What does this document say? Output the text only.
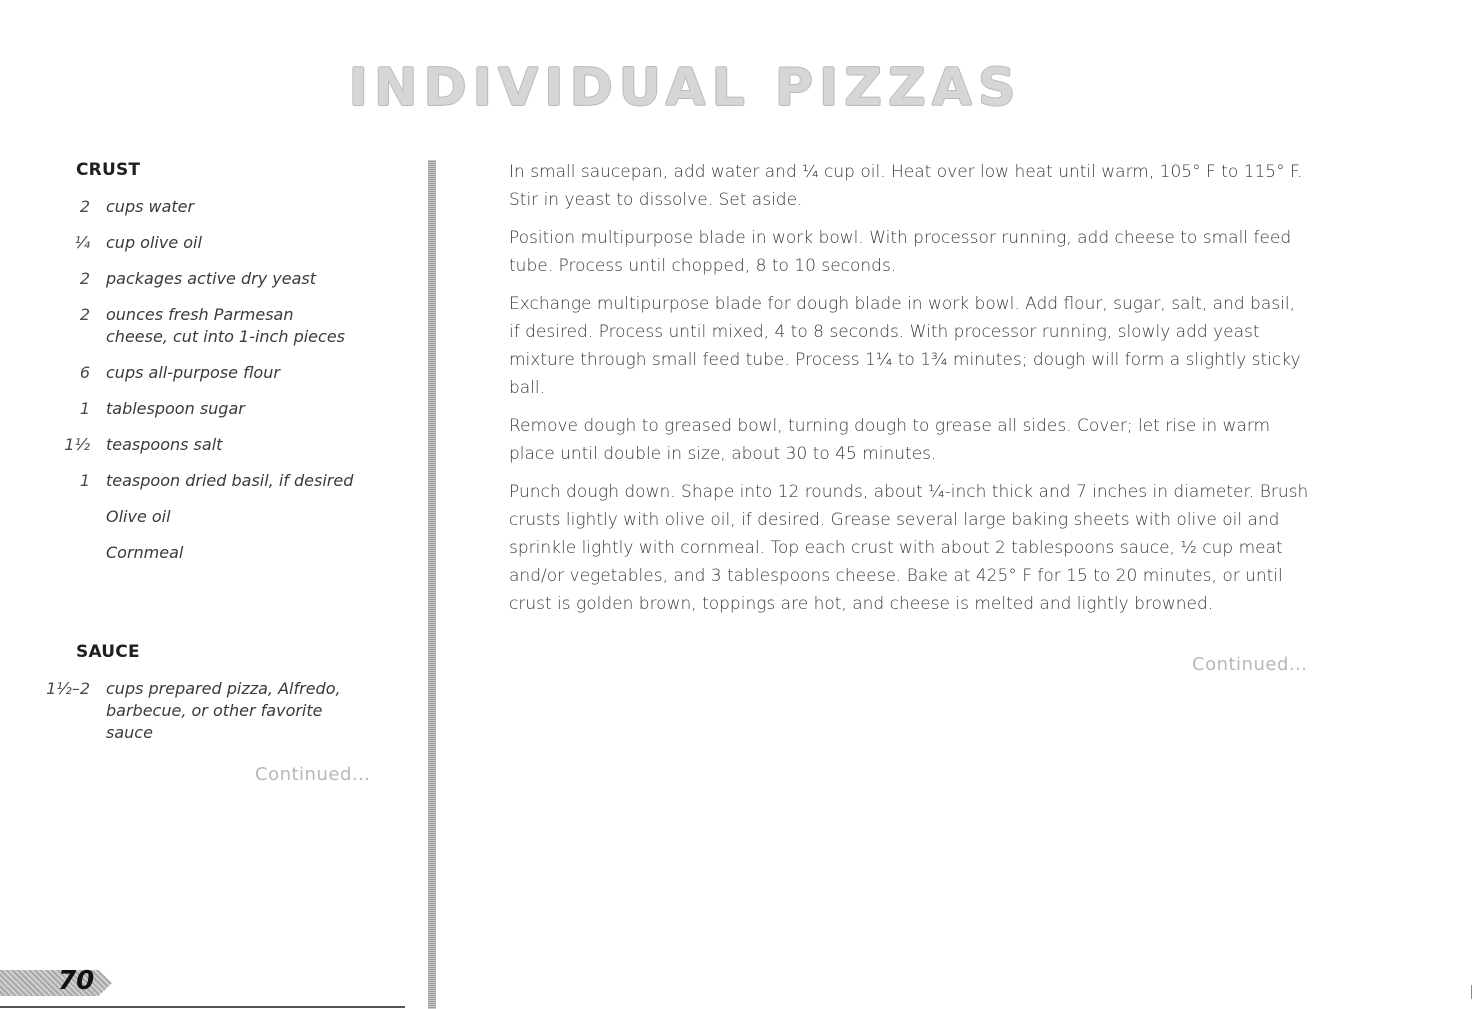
INDIVIDUAL PIZZAS
CRUST
2	cups water
¼	cup olive oil
2	packages active dry yeast
2	ounces fresh Parmesan cheese, cut into 1-inch pieces
6	cups all-purpose flour
1	tablespoon sugar
1½	teaspoons salt
1	teaspoon dried basil, if desired
Olive oil
Cornmeal
SAUCE
1½–2	cups prepared pizza, Alfredo, barbecue, or other favorite sauce
Continued...

In small saucepan, add water and ¼ cup oil. Heat over low heat until warm, 105° F to 115° F. Stir in yeast to dissolve. Set aside.

Position multipurpose blade in work bowl. With processor running, add cheese to small feed tube. Process until chopped, 8 to 10 seconds.

Exchange multipurpose blade for dough blade in work bowl. Add flour, sugar, salt, and basil, if desired. Process until mixed, 4 to 8 seconds. With processor running, slowly add yeast mixture through small feed tube. Process 1¼ to 1¾ minutes; dough will form a slightly sticky ball.

Remove dough to greased bowl, turning dough to grease all sides. Cover; let rise in warm place until double in size, about 30 to 45 minutes.

Punch dough down. Shape into 12 rounds, about ¼-inch thick and 7 inches in diameter. Brush crusts lightly with olive oil, if desired. Grease several large baking sheets with olive oil and sprinkle lightly with cornmeal. Top each crust with about 2 tablespoons sauce, ½ cup meat and/or vegetables, and 3 tablespoons cheese. Bake at 425° F for 15 to 20 minutes, or until crust is golden brown, toppings are hot, and cheese is melted and lightly browned.

Continued...
70
